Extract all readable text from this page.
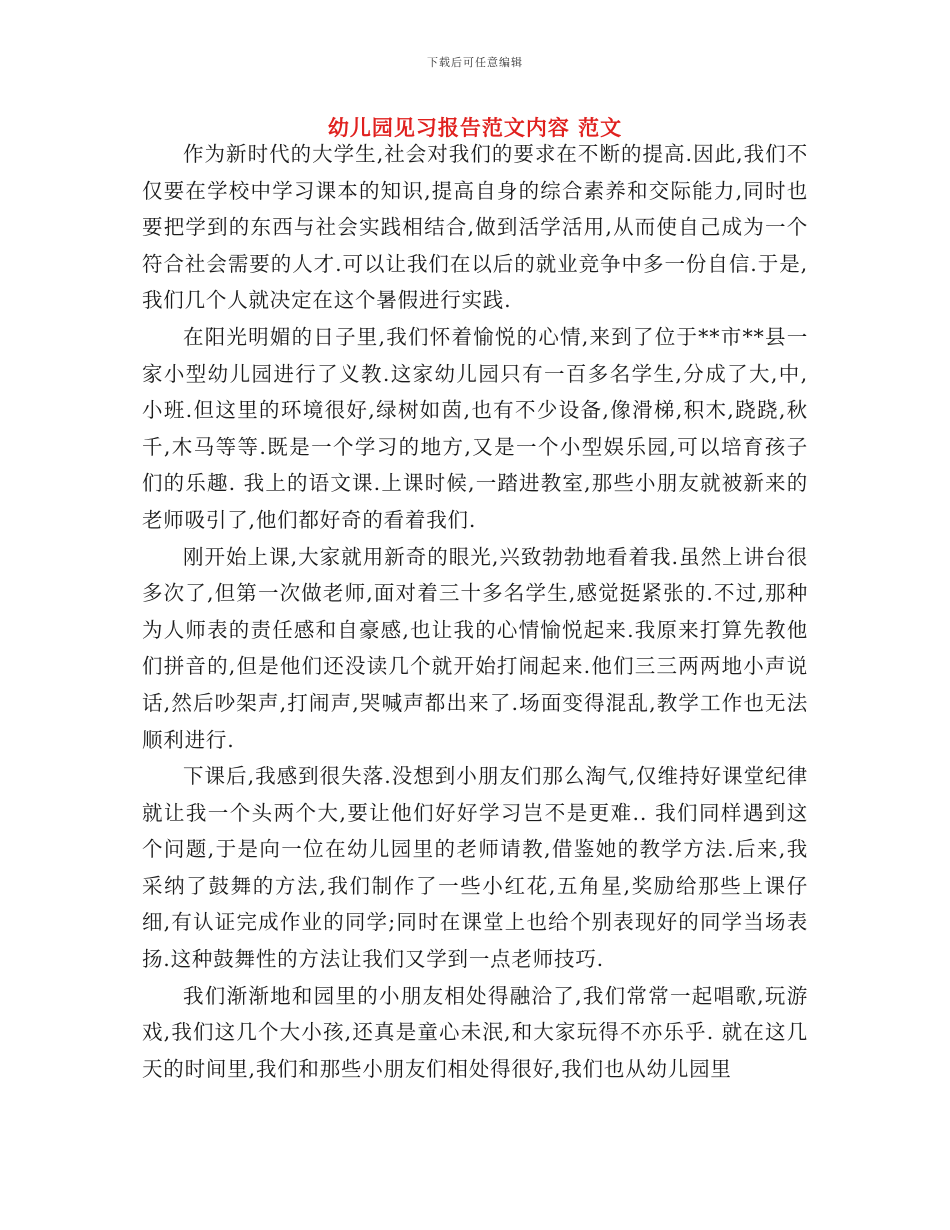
下载后可任意编辑
幼儿园见习报告范文内容 范文

作为新时代的大学生,社会对我们的要求在不断的提高.因此,我们不仅要在学校中学习课本的知识,提高自身的综合素养和交际能力,同时也要把学到的东西与社会实践相结合,做到活学活用,从而使自己成为一个符合社会需要的人才.可以让我们在以后的就业竞争中多一份自信.于是,我们几个人就决定在这个暑假进行实践.

在阳光明媚的日子里,我们怀着愉悦的心情,来到了位于**市**县一家小型幼儿园进行了义教.这家幼儿园只有一百多名学生,分成了大,中,小班.但这里的环境很好,绿树如茵,也有不少设备,像滑梯,积木,跷跷,秋千,木马等等.既是一个学习的地方,又是一个小型娱乐园,可以培育孩子们的乐趣. 我上的语文课.上课时候,一踏进教室,那些小朋友就被新来的老师吸引了,他们都好奇的看着我们.

刚开始上课,大家就用新奇的眼光,兴致勃勃地看着我.虽然上讲台很多次了,但第一次做老师,面对着三十多名学生,感觉挺紧张的.不过,那种为人师表的责任感和自豪感,也让我的心情愉悦起来.我原来打算先教他们拼音的,但是他们还没读几个就开始打闹起来.他们三三两两地小声说话,然后吵架声,打闹声,哭喊声都出来了.场面变得混乱,教学工作也无法顺利进行.

下课后,我感到很失落.没想到小朋友们那么淘气,仅维持好课堂纪律就让我一个头两个大,要让他们好好学习岂不是更难.. 我们同样遇到这个问题,于是向一位在幼儿园里的老师请教,借鉴她的教学方法.后来,我采纳了鼓舞的方法,我们制作了一些小红花,五角星,奖励给那些上课仔细,有认证完成作业的同学;同时在课堂上也给个别表现好的同学当场表扬.这种鼓舞性的方法让我们又学到一点老师技巧.

我们渐渐地和园里的小朋友相处得融洽了,我们常常一起唱歌,玩游戏,我们这几个大小孩,还真是童心未泯,和大家玩得不亦乐乎. 就在这几天的时间里,我们和那些小朋友们相处得很好,我们也从幼儿园里
